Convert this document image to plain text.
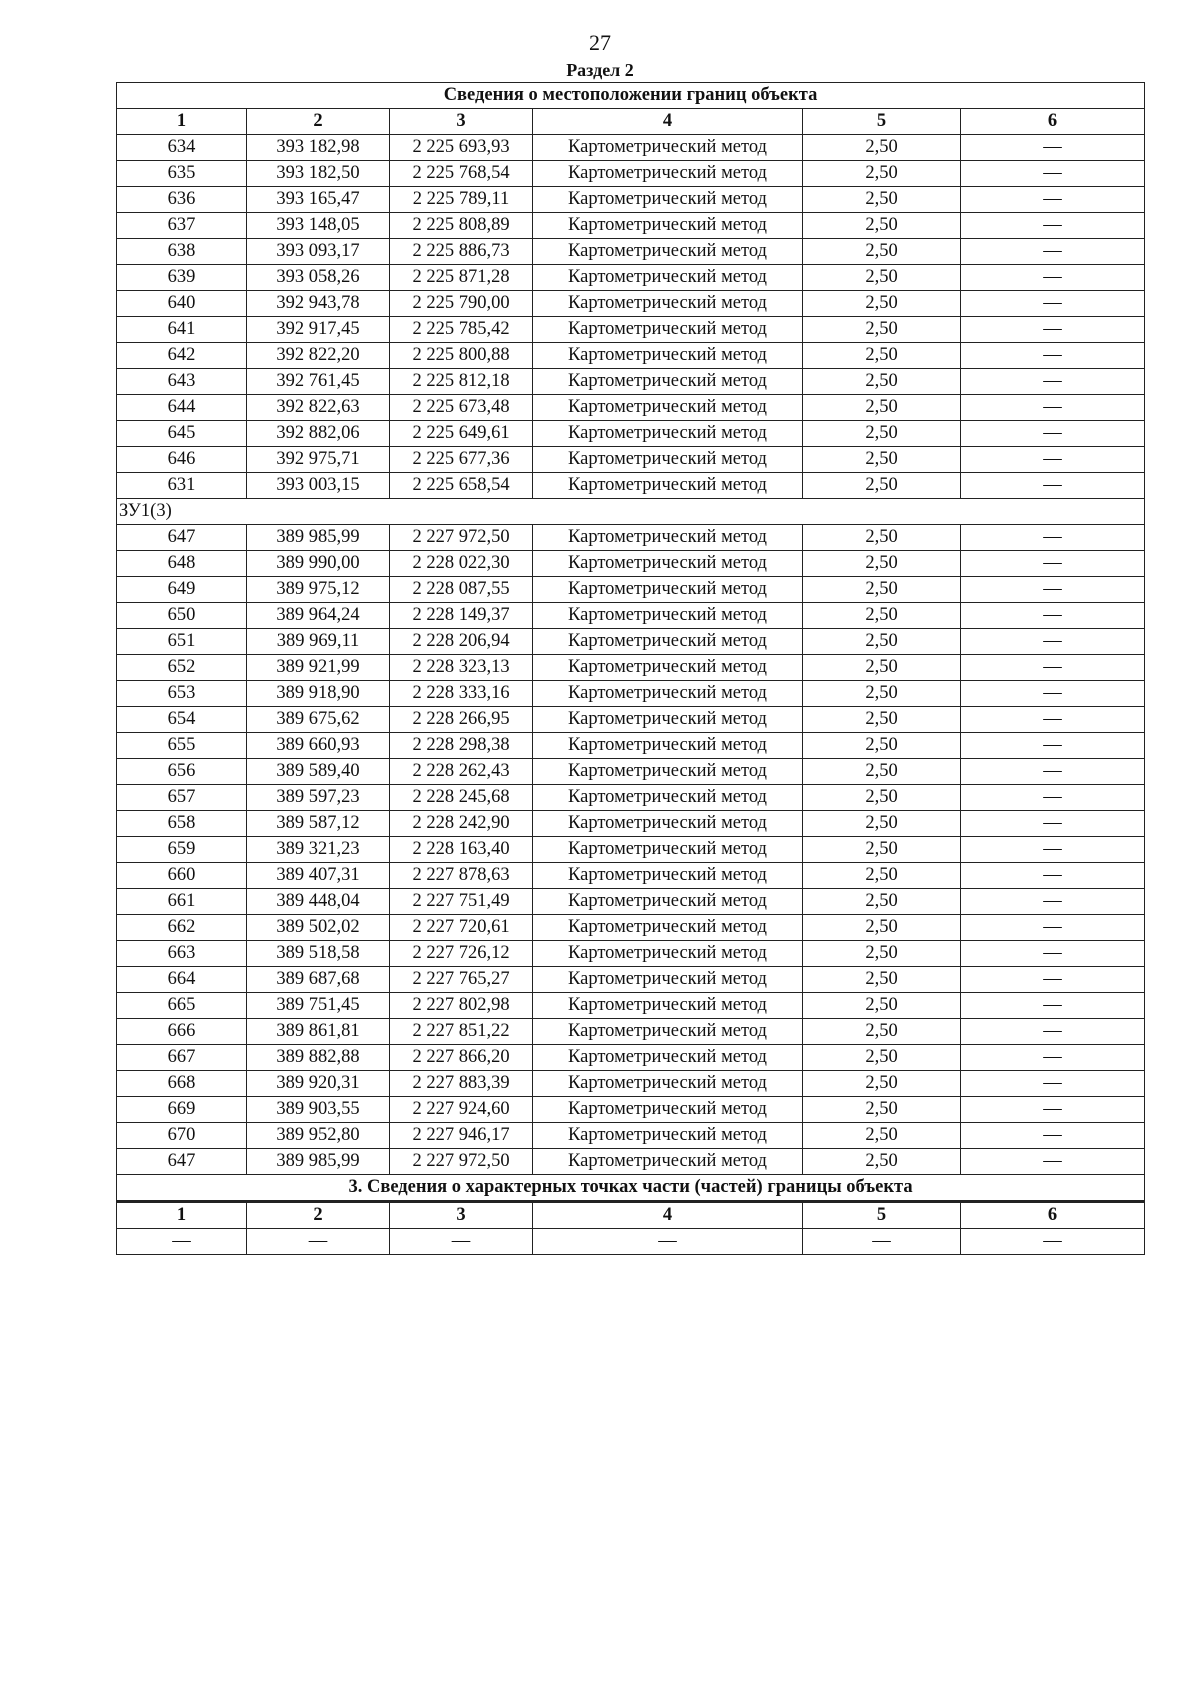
27
Раздел 2
Сведения о местоположении границ объекта					
1	2	3	4	5	6
634	393 182,98	2 225 693,93	Картометрический метод	2,50	—
635	393 182,50	2 225 768,54	Картометрический метод	2,50	—
636	393 165,47	2 225 789,11	Картометрический метод	2,50	—
637	393 148,05	2 225 808,89	Картометрический метод	2,50	—
638	393 093,17	2 225 886,73	Картометрический метод	2,50	—
639	393 058,26	2 225 871,28	Картометрический метод	2,50	—
640	392 943,78	2 225 790,00	Картометрический метод	2,50	—
641	392 917,45	2 225 785,42	Картометрический метод	2,50	—
642	392 822,20	2 225 800,88	Картометрический метод	2,50	—
643	392 761,45	2 225 812,18	Картометрический метод	2,50	—
644	392 822,63	2 225 673,48	Картометрический метод	2,50	—
645	392 882,06	2 225 649,61	Картометрический метод	2,50	—
646	392 975,71	2 225 677,36	Картометрический метод	2,50	—
631	393 003,15	2 225 658,54	Картометрический метод	2,50	—
ЗУ1(3)					
647	389 985,99	2 227 972,50	Картометрический метод	2,50	—
648	389 990,00	2 228 022,30	Картометрический метод	2,50	—
649	389 975,12	2 228 087,55	Картометрический метод	2,50	—
650	389 964,24	2 228 149,37	Картометрический метод	2,50	—
651	389 969,11	2 228 206,94	Картометрический метод	2,50	—
652	389 921,99	2 228 323,13	Картометрический метод	2,50	—
653	389 918,90	2 228 333,16	Картометрический метод	2,50	—
654	389 675,62	2 228 266,95	Картометрический метод	2,50	—
655	389 660,93	2 228 298,38	Картометрический метод	2,50	—
656	389 589,40	2 228 262,43	Картометрический метод	2,50	—
657	389 597,23	2 228 245,68	Картометрический метод	2,50	—
658	389 587,12	2 228 242,90	Картометрический метод	2,50	—
659	389 321,23	2 228 163,40	Картометрический метод	2,50	—
660	389 407,31	2 227 878,63	Картометрический метод	2,50	—
661	389 448,04	2 227 751,49	Картометрический метод	2,50	—
662	389 502,02	2 227 720,61	Картометрический метод	2,50	—
663	389 518,58	2 227 726,12	Картометрический метод	2,50	—
664	389 687,68	2 227 765,27	Картометрический метод	2,50	—
665	389 751,45	2 227 802,98	Картометрический метод	2,50	—
666	389 861,81	2 227 851,22	Картометрический метод	2,50	—
667	389 882,88	2 227 866,20	Картометрический метод	2,50	—
668	389 920,31	2 227 883,39	Картометрический метод	2,50	—
669	389 903,55	2 227 924,60	Картометрический метод	2,50	—
670	389 952,80	2 227 946,17	Картометрический метод	2,50	—
647	389 985,99	2 227 972,50	Картометрический метод	2,50	—
3. Сведения о характерных точках части (частей) границы объекта					
1	2	3	4	5	6
—	—	—	—	—	—
